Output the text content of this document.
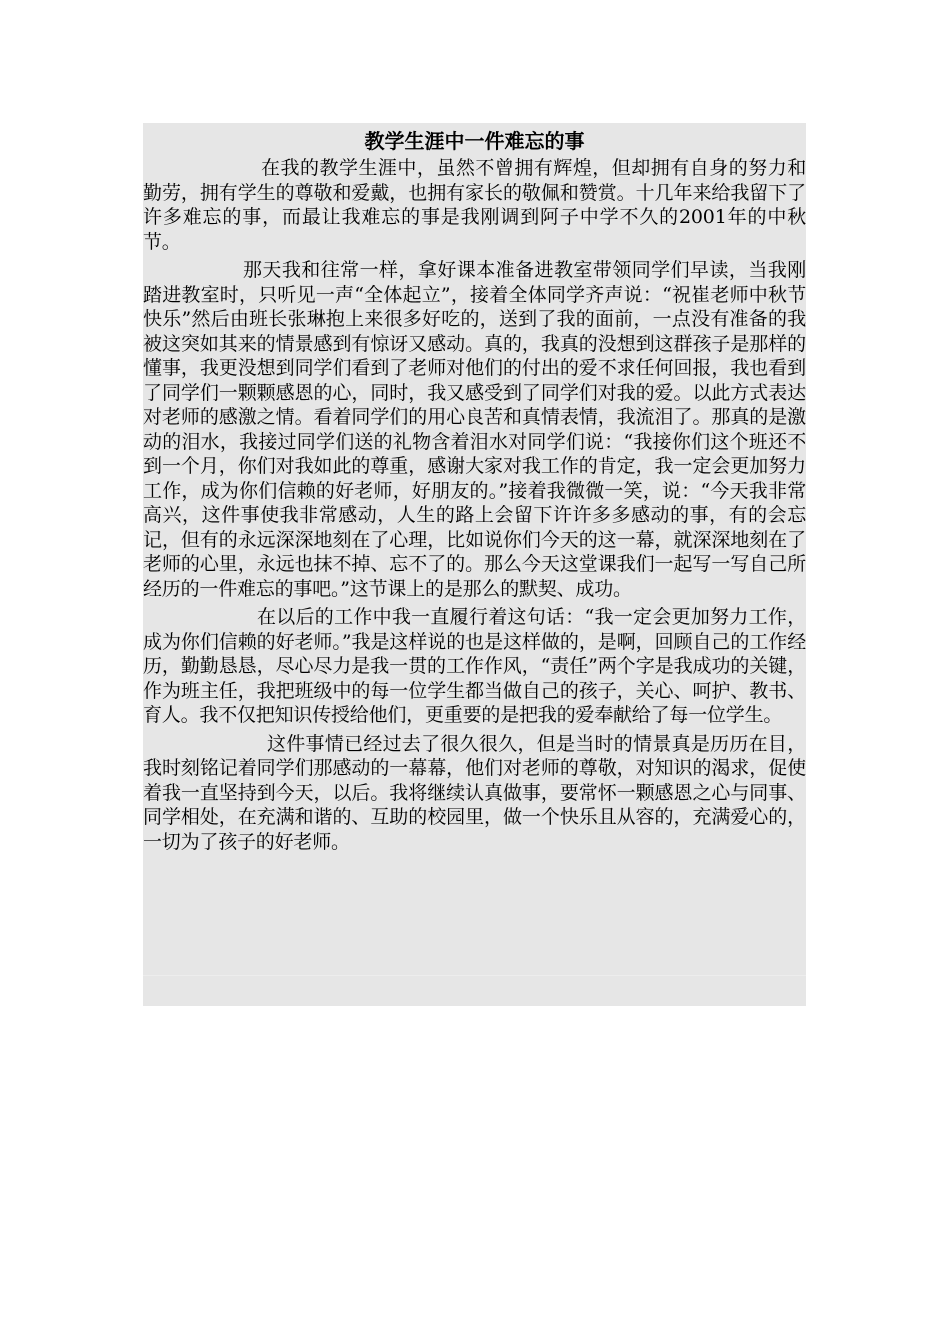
教学生涯中一件难忘的事

在我的教学生涯中，虽然不曾拥有辉煌，但却拥有自身的努力和勤劳，拥有学生的尊敬和爱戴，也拥有家长的敬佩和赞赏。十几年来给我留下了许多难忘的事，而最让我难忘的事是我刚调到阿子中学不久的2001年的中秋节。

那天我和往常一样，拿好课本准备进教室带领同学们早读，当我刚踏进教室时，只听见一声“全体起立”，接着全体同学齐声说：“祝崔老师中秋节快乐”然后由班长张琳抱上来很多好吃的，送到了我的面前，一点没有准备的我被这突如其来的情景感到有惊讶又感动。真的，我真的没想到这群孩子是那样的懂事，我更没想到同学们看到了老师对他们的付出的爱不求任何回报，我也看到了同学们一颗颗感恩的心，同时，我又感受到了同学们对我的爱。以此方式表达对老师的感激之情。看着同学们的用心良苦和真情表情，我流泪了。那真的是激动的泪水，我接过同学们送的礼物含着泪水对同学们说：“我接你们这个班还不到一个月，你们对我如此的尊重，感谢大家对我工作的肯定，我一定会更加努力工作，成为你们信赖的好老师，好朋友的。”接着我微微一笑，说：“今天我非常高兴，这件事使我非常感动，人生的路上会留下许许多多感动的事，有的会忘记，但有的永远深深地刻在了心理，比如说你们今天的这一幕，就深深地刻在了老师的心里，永远也抹不掉、忘不了的。那么今天这堂课我们一起写一写自己所经历的一件难忘的事吧。”这节课上的是那么的默契、成功。

在以后的工作中我一直履行着这句话：“我一定会更加努力工作，成为你们信赖的好老师。”我是这样说的也是这样做的，是啊，回顾自己的工作经历，勤勤恳恳，尽心尽力是我一贯的工作作风，“责任”两个字是我成功的关键，作为班主任，我把班级中的每一位学生都当做自己的孩子，关心、呵护、教书、育人。我不仅把知识传授给他们，更重要的是把我的爱奉献给了每一位学生。

这件事情已经过去了很久很久，但是当时的情景真是历历在目，我时刻铭记着同学们那感动的一幕幕，他们对老师的尊敬，对知识的渴求，促使着我一直坚持到今天，以后。我将继续认真做事，要常怀一颗感恩之心与同事、同学相处，在充满和谐的、互助的校园里，做一个快乐且从容的，充满爱心的，一切为了孩子的好老师。
